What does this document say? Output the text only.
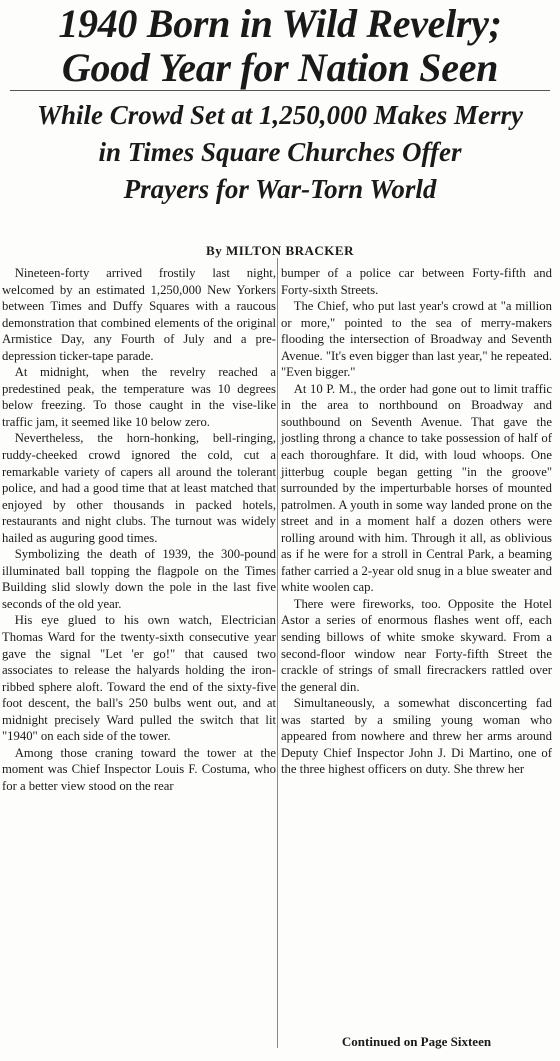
1940 Born in Wild Revelry;
Good Year for Nation Seen
While Crowd Set at 1,250,000 Makes Merry
in Times Square Churches Offer
Prayers for War-Torn World
By MILTON BRACKER

Nineteen-forty arrived frostily last night, welcomed by an estimated 1,250,000 New Yorkers between Times and Duffy Squares with a raucous demonstration that combined elements of the original Armistice Day, any Fourth of July and a pre-depression ticker-tape parade.

At midnight, when the revelry reached a predestined peak, the temperature was 10 degrees below freezing. To those caught in the vise-like traffic jam, it seemed like 10 below zero.

Nevertheless, the horn-honking, bell-ringing, ruddy-cheeked crowd ignored the cold, cut a remarkable variety of capers all around the tolerant police, and had a good time that at least matched that enjoyed by other thousands in packed hotels, restaurants and night clubs. The turnout was widely hailed as auguring good times.

Symbolizing the death of 1939, the 300-pound illuminated ball topping the flagpole on the Times Building slid slowly down the pole in the last five seconds of the old year.

His eye glued to his own watch, Electrician Thomas Ward for the twenty-sixth consecutive year gave the signal "Let 'er go!" that caused two associates to release the halyards holding the iron-ribbed sphere aloft. Toward the end of the sixty-five foot descent, the ball's 250 bulbs went out, and at midnight precisely Ward pulled the switch that lit "1940" on each side of the tower.

Among those craning toward the tower at the moment was Chief Inspector Louis F. Costuma, who for a better view stood on the rear

bumper of a police car between Forty-fifth and Forty-sixth Streets.

The Chief, who put last year's crowd at "a million or more," pointed to the sea of merry-makers flooding the intersection of Broadway and Seventh Avenue. "It's even bigger than last year," he repeated. "Even bigger."

At 10 P. M., the order had gone out to limit traffic in the area to northbound on Broadway and southbound on Seventh Avenue. That gave the jostling throng a chance to take possession of half of each thoroughfare. It did, with loud whoops. One jitterbug couple began getting "in the groove" surrounded by the imperturbable horses of mounted patrolmen. A youth in some way landed prone on the street and in a moment half a dozen others were rolling around with him. Through it all, as oblivious as if he were for a stroll in Central Park, a beaming father carried a 2-year old snug in a blue sweater and white woolen cap.

There were fireworks, too. Opposite the Hotel Astor a series of enormous flashes went off, each sending billows of white smoke skyward. From a second-floor window near Forty-fifth Street the crackle of strings of small firecrackers rattled over the general din.

Simultaneously, a somewhat disconcerting fad was started by a smiling young woman who appeared from nowhere and threw her arms around Deputy Chief Inspector John J. Di Martino, one of the three highest officers on duty. She threw her

Continued on Page Sixteen
